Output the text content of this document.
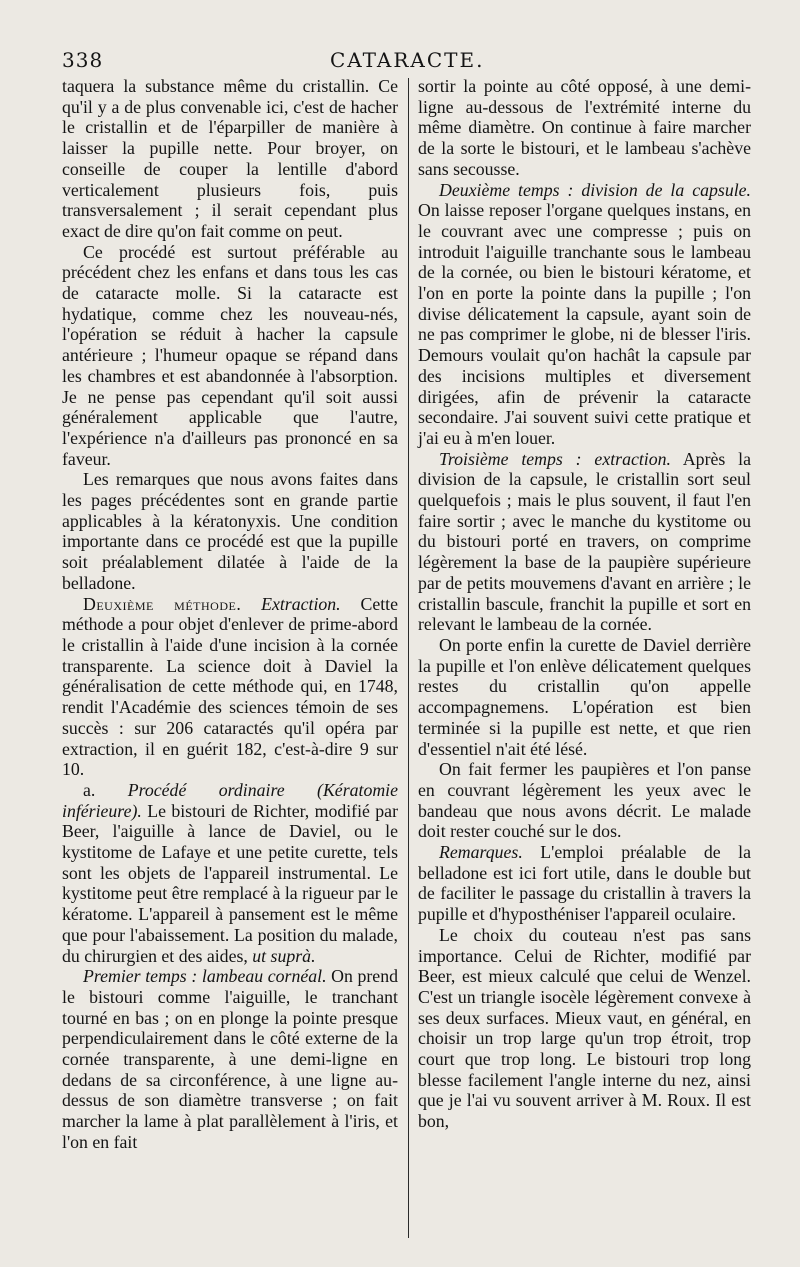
338	CATARACTE.

taquera la substance même du cristallin. Ce qu'il y a de plus convenable ici, c'est de hacher le cristallin et de l'éparpiller de manière à laisser la pupille nette. Pour broyer, on conseille de couper la lentille d'abord verticalement plusieurs fois, puis transversalement ; il serait cependant plus exact de dire qu'on fait comme on peut.

Ce procédé est surtout préférable au précédent chez les enfans et dans tous les cas de cataracte molle. Si la cataracte est hydatique, comme chez les nouveau-nés, l'opération se réduit à hacher la capsule antérieure ; l'humeur opaque se répand dans les chambres et est abandonnée à l'absorption. Je ne pense pas cependant qu'il soit aussi généralement applicable que l'autre, l'expérience n'a d'ailleurs pas prononcé en sa faveur.

Les remarques que nous avons faites dans les pages précédentes sont en grande partie applicables à la kératonyxis. Une condition importante dans ce procédé est que la pupille soit préalablement dilatée à l'aide de la belladone.

Deuxième méthode. Extraction. Cette méthode a pour objet d'enlever de prime-abord le cristallin à l'aide d'une incision à la cornée transparente. La science doit à Daviel la généralisation de cette méthode qui, en 1748, rendit l'Académie des sciences témoin de ses succès : sur 206 cataractés qu'il opéra par extraction, il en guérit 182, c'est-à-dire 9 sur 10.

a. Procédé ordinaire (Kératomie inférieure). Le bistouri de Richter, modifié par Beer, l'aiguille à lance de Daviel, ou le kystitome de Lafaye et une petite curette, tels sont les objets de l'appareil instrumental. Le kystitome peut être remplacé à la rigueur par le kératome. L'appareil à pansement est le même que pour l'abaissement. La position du malade, du chirurgien et des aides, ut suprà.

Premier temps : lambeau cornéal. On prend le bistouri comme l'aiguille, le tranchant tourné en bas ; on en plonge la pointe presque perpendiculairement dans le côté externe de la cornée transparente, à une demi-ligne en dedans de sa circonférence, à une ligne au-dessus de son diamètre transverse ; on fait marcher la lame à plat parallèlement à l'iris, et l'on en fait

sortir la pointe au côté opposé, à une demi-ligne au-dessous de l'extrémité interne du même diamètre. On continue à faire marcher de la sorte le bistouri, et le lambeau s'achève sans secousse.

Deuxième temps : division de la capsule. On laisse reposer l'organe quelques instans, en le couvrant avec une compresse ; puis on introduit l'aiguille tranchante sous le lambeau de la cornée, ou bien le bistouri kératome, et l'on en porte la pointe dans la pupille ; l'on divise délicatement la capsule, ayant soin de ne pas comprimer le globe, ni de blesser l'iris. Demours voulait qu'on hachât la capsule par des incisions multiples et diversement dirigées, afin de prévenir la cataracte secondaire. J'ai souvent suivi cette pratique et j'ai eu à m'en louer.

Troisième temps : extraction. Après la division de la capsule, le cristallin sort seul quelquefois ; mais le plus souvent, il faut l'en faire sortir ; avec le manche du kystitome ou du bistouri porté en travers, on comprime légèrement la base de la paupière supérieure par de petits mouvemens d'avant en arrière ; le cristallin bascule, franchit la pupille et sort en relevant le lambeau de la cornée.

On porte enfin la curette de Daviel derrière la pupille et l'on enlève délicatement quelques restes du cristallin qu'on appelle accompagnemens. L'opération est bien terminée si la pupille est nette, et que rien d'essentiel n'ait été lésé.

On fait fermer les paupières et l'on panse en couvrant légèrement les yeux avec le bandeau que nous avons décrit. Le malade doit rester couché sur le dos.

Remarques. L'emploi préalable de la belladone est ici fort utile, dans le double but de faciliter le passage du cristallin à travers la pupille et d'hyposthéniser l'appareil oculaire.

Le choix du couteau n'est pas sans importance. Celui de Richter, modifié par Beer, est mieux calculé que celui de Wenzel. C'est un triangle isocèle légèrement convexe à ses deux surfaces. Mieux vaut, en général, en choisir un trop large qu'un trop étroit, trop court que trop long. Le bistouri trop long blesse facilement l'angle interne du nez, ainsi que je l'ai vu souvent arriver à M. Roux. Il est bon,
